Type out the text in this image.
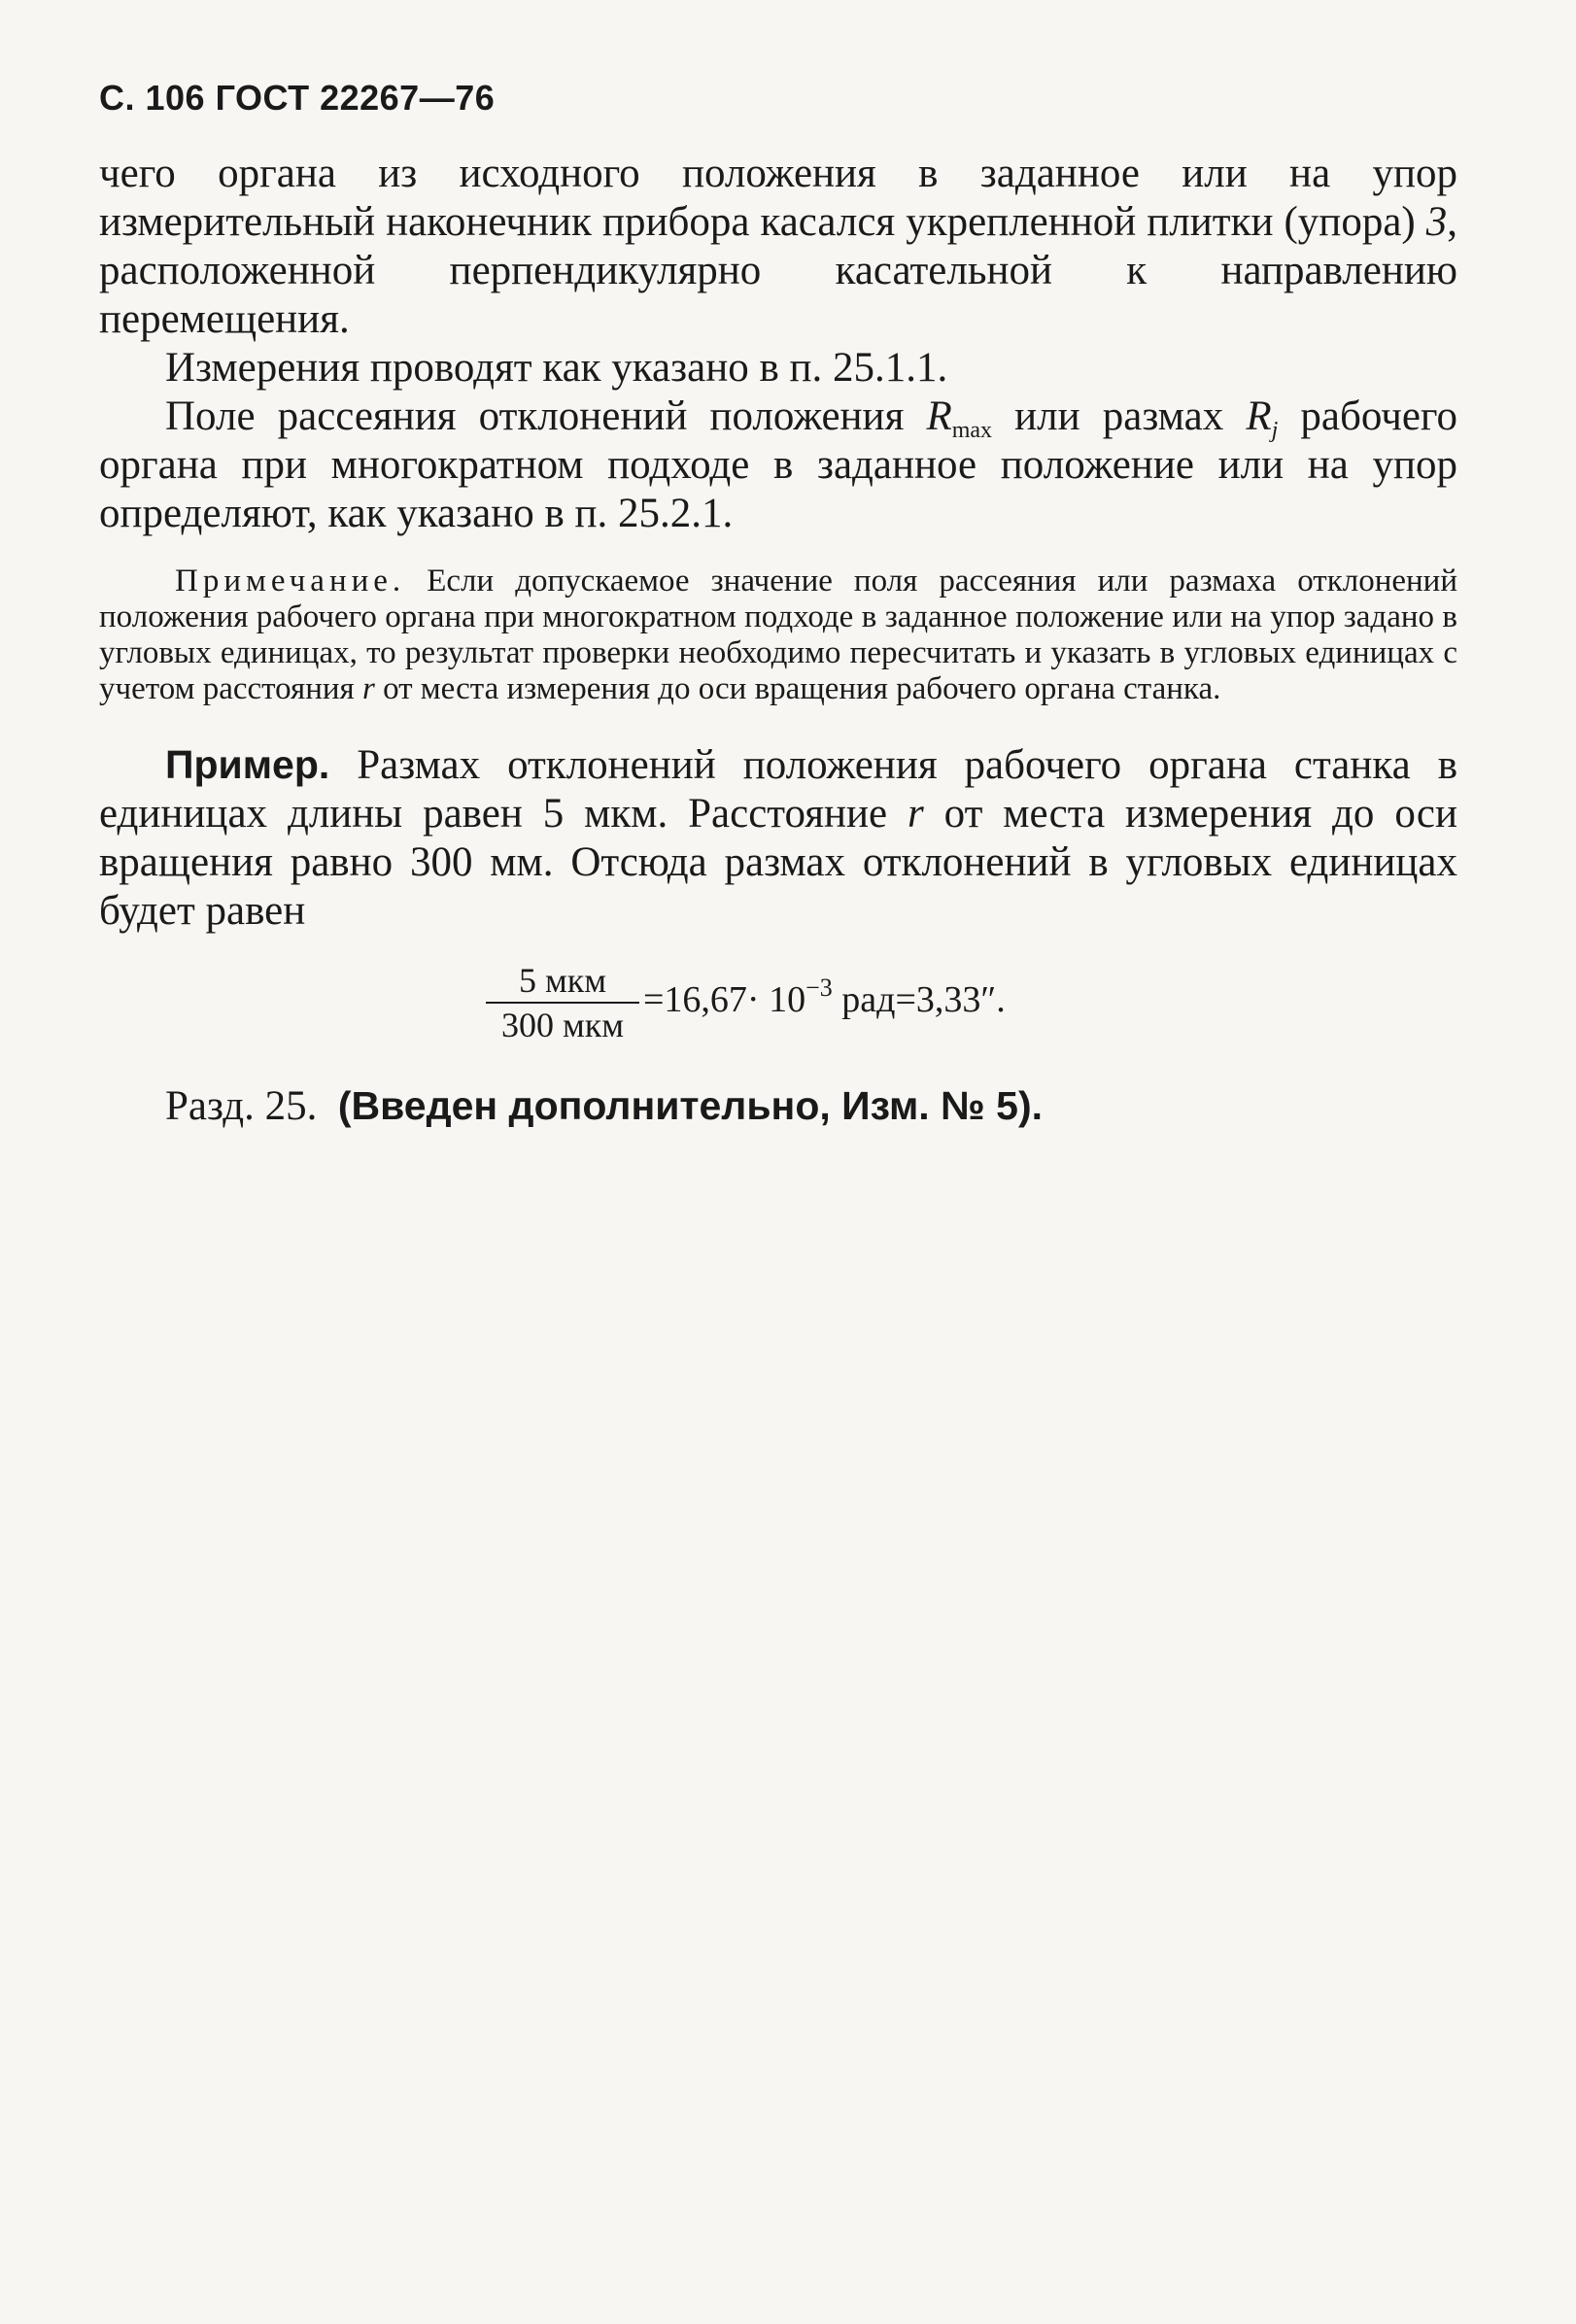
С. 106 ГОСТ 22267—76

чего органа из исходного положения в заданное или на упор измерительный наконечник прибора касался укрепленной плитки (упора) 3, расположенной перпендикулярно касательной к направлению перемещения.

Измерения проводят как указано в п. 25.1.1.

Поле рассеяния отклонений положения $R_{max}$ или размах $R_j$ рабочего органа при многократном подходе в заданное положение или на упор определяют, как указано в п. 25.2.1.

Примечание. Если допускаемое значение поля рассеяния или размаха отклонений положения рабочего органа при многократном подходе в заданное положение или на упор задано в угловых единицах, то результат проверки необходимо пересчитать и указать в угловых единицах с учетом расстояния r от места измерения до оси вращения рабочего органа станка.

Пример. Размах отклонений положения рабочего органа станка в единицах длины равен 5 мкм. Расстояние r от места измерения до оси вращения равно 300 мм. Отсюда размах отклонений в угловых единицах будет равен

5 мкм
300 мкм
$=16,67\cdot 10^{-3}$ рад=3,33″.

Разд. 25. (Введен дополнительно, Изм. № 5).
